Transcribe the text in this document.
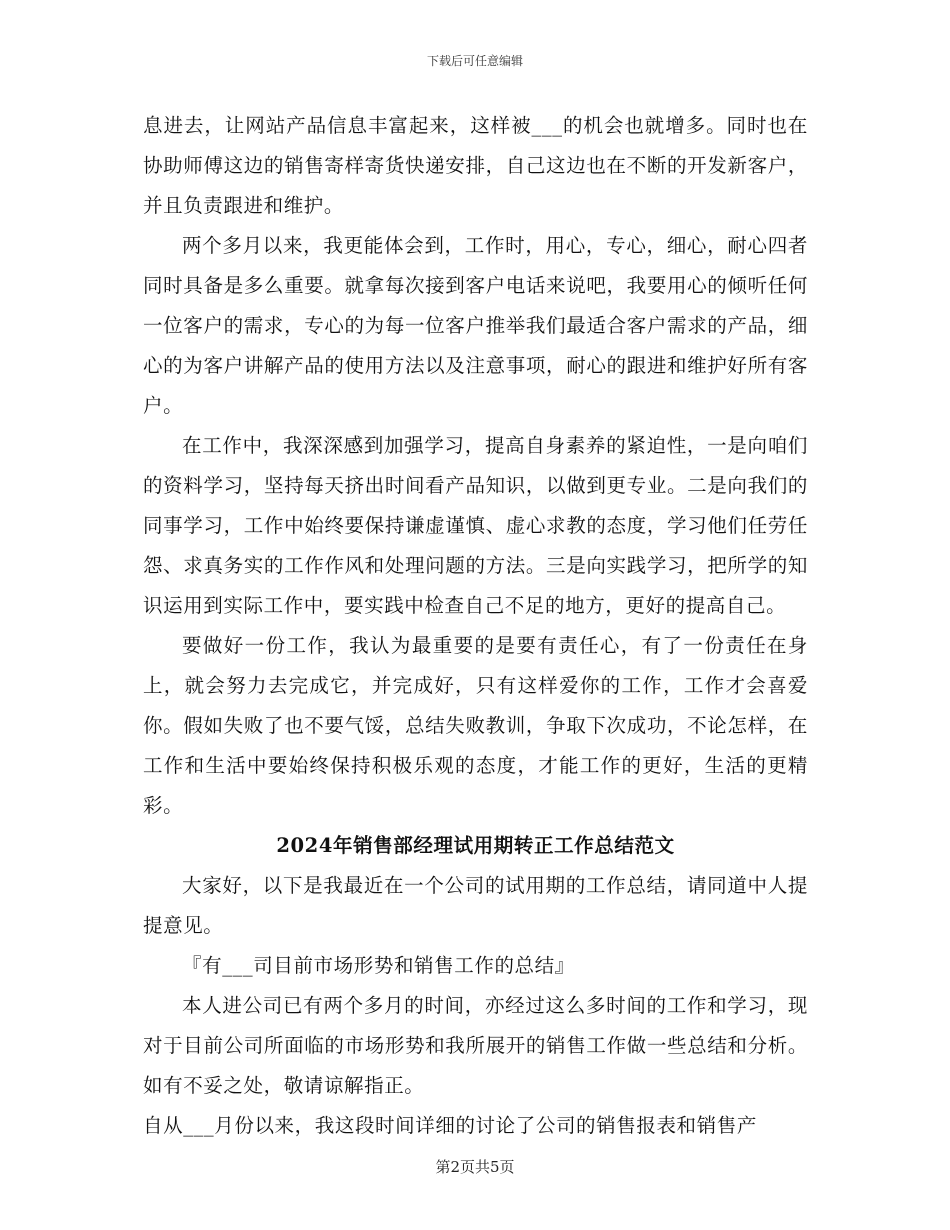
下载后可任意编辑

息进去，让网站产品信息丰富起来，这样被___的机会也就增多。同时也在协助师傅这边的销售寄样寄货快递安排，自己这边也在不断的开发新客户，并且负责跟进和维护。

两个多月以来，我更能体会到，工作时，用心，专心，细心，耐心四者同时具备是多么重要。就拿每次接到客户电话来说吧，我要用心的倾听任何一位客户的需求，专心的为每一位客户推举我们最适合客户需求的产品，细心的为客户讲解产品的使用方法以及注意事项，耐心的跟进和维护好所有客户。

在工作中，我深深感到加强学习，提高自身素养的紧迫性，一是向咱们的资料学习，坚持每天挤出时间看产品知识，以做到更专业。二是向我们的同事学习，工作中始终要保持谦虚谨慎、虚心求教的态度，学习他们任劳任怨、求真务实的工作作风和处理问题的方法。三是向实践学习，把所学的知识运用到实际工作中，要实践中检查自己不足的地方，更好的提高自己。

要做好一份工作，我认为最重要的是要有责任心，有了一份责任在身上，就会努力去完成它，并完成好，只有这样爱你的工作，工作才会喜爱你。假如失败了也不要气馁，总结失败教训，争取下次成功，不论怎样，在工作和生活中要始终保持积极乐观的态度，才能工作的更好，生活的更精彩。

2024年销售部经理试用期转正工作总结范文

大家好，以下是我最近在一个公司的试用期的工作总结，请同道中人提提意见。

『有___司目前市场形势和销售工作的总结』

本人进公司已有两个多月的时间，亦经过这么多时间的工作和学习，现对于目前公司所面临的市场形势和我所展开的销售工作做一些总结和分析。如有不妥之处，敬请谅解指正。

自从___月份以来，我这段时间详细的讨论了公司的销售报表和销售产

第2页共5页
